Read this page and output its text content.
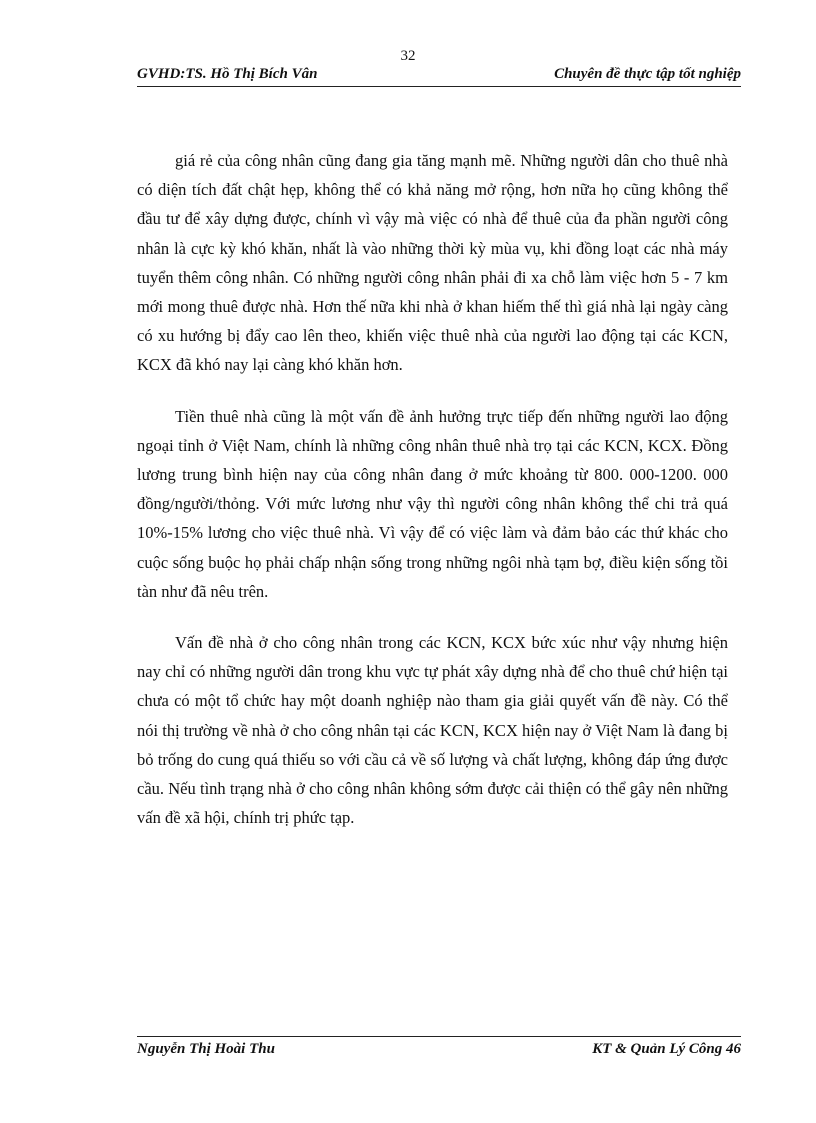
32
GVHD:TS. Hồ Thị Bích Vân	Chuyên đề thực tập tốt nghiệp

giá rẻ của công nhân cũng đang gia tăng mạnh mẽ. Những người dân cho thuê nhà có diện tích đất chật hẹp, không thể có khả năng mở rộng, hơn nữa họ cũng không thể đầu tư để xây dựng được, chính vì vậy mà việc có nhà để thuê của đa phần người công nhân là cực kỳ khó khăn, nhất là vào những thời kỳ mùa vụ, khi đồng loạt các nhà máy tuyển thêm công nhân. Có những người công nhân phải đi xa chỗ làm việc hơn 5 - 7 km mới mong thuê được nhà. Hơn thế nữa khi nhà ở khan hiếm thế thì giá nhà lại ngày càng có xu hướng bị đẩy cao lên theo, khiến việc thuê nhà của người lao động tại các KCN, KCX đã khó nay lại càng khó khăn hơn.

Tiền thuê nhà cũng là một vấn đề ảnh hưởng trực tiếp đến những người lao động ngoại tỉnh ở Việt Nam, chính là những công nhân thuê nhà trọ tại các KCN, KCX. Đồng lương trung bình hiện nay của công nhân đang ở mức khoảng từ 800. 000-1200. 000 đồng/người/thỏng. Với mức lương như vậy thì người công nhân không thể chi trả quá 10%-15% lương cho việc thuê nhà. Vì vậy để có việc làm và đảm bảo các thứ khác cho cuộc sống buộc họ phải chấp nhận sống trong những ngôi nhà tạm bợ, điều kiện sống tồi tàn như đã nêu trên.

Vấn đề nhà ở cho công nhân trong các KCN, KCX bức xúc như vậy nhưng hiện nay chỉ có những người dân trong khu vực tự phát xây dựng nhà để cho thuê chứ hiện tại chưa có một tổ chức hay một doanh nghiệp nào tham gia giải quyết vấn đề này. Có thể nói thị trường về nhà ở cho công nhân tại các KCN, KCX hiện nay ở Việt Nam là đang bị bỏ trống do cung quá thiếu so với cầu cả về số lượng và chất lượng, không đáp ứng được cầu. Nếu tình trạng nhà ở cho công nhân không sớm được cải thiện có thể gây nên những vấn đề xã hội, chính trị phức tạp.

Nguyễn Thị Hoài Thu	KT & Quản Lý Công 46
